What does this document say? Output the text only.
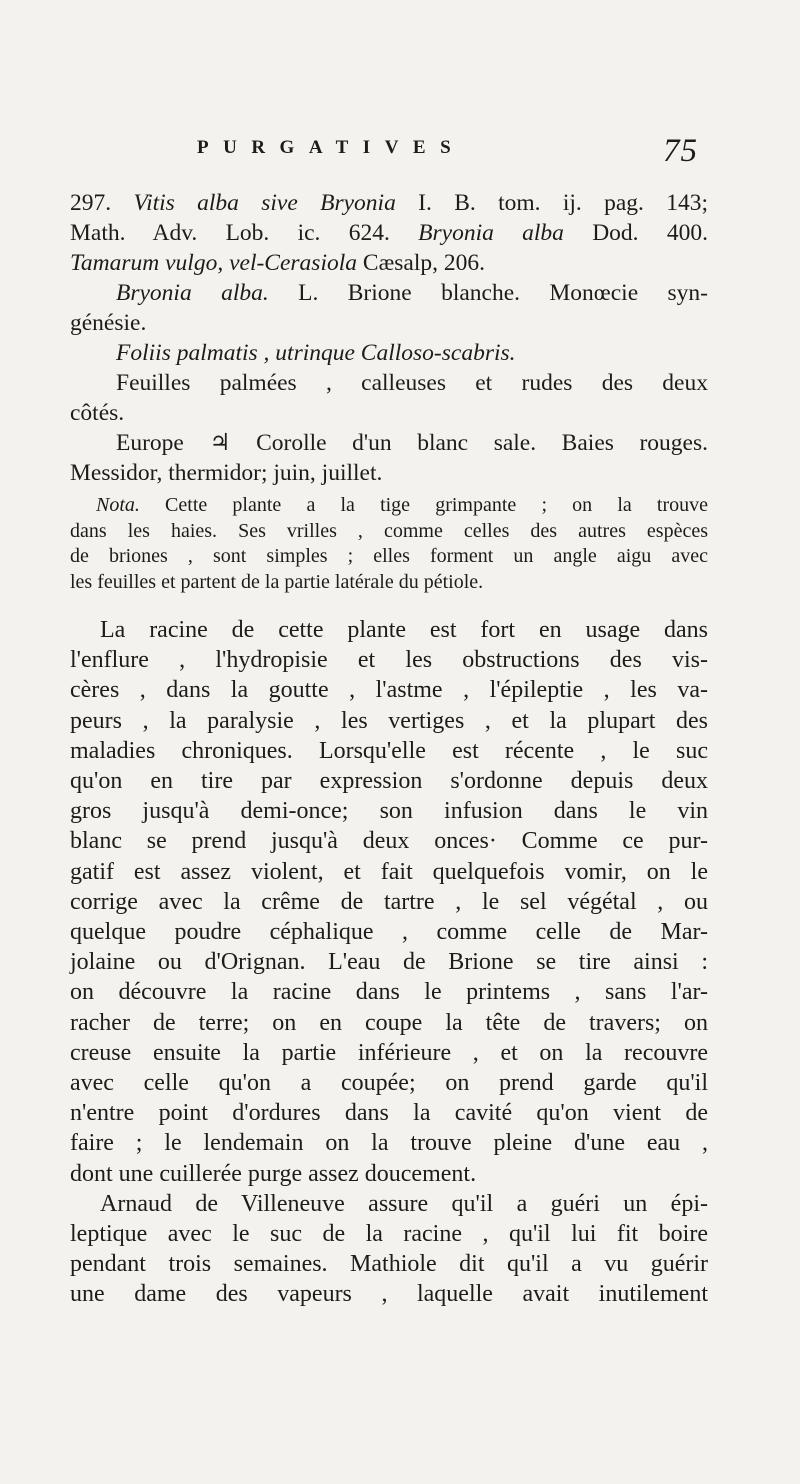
PURGATIVES	75
297. Vitis alba sive Bryonia I. B. tom. ij. pag. 143;
Math. Adv. Lob. ic. 624. Bryonia alba Dod. 400.
Tamarum vulgo, vel-Cerasiola Cæsalp, 206.
Bryonia alba. L. Brione blanche. Monœcie syn-
génésie.
Foliis palmatis , utrinque Calloso-scabris.
Feuilles palmées , calleuses et rudes des deux
côtés.
Europe ♃ Corolle d'un blanc sale. Baies rouges.
Messidor, thermidor; juin, juillet.
Nota. Cette plante a la tige grimpante ; on la trouve
dans les haies. Ses vrilles , comme celles des autres espèces
de briones , sont simples ; elles forment un angle aigu avec
les feuilles et partent de la partie latérale du pétiole.
La racine de cette plante est fort en usage dans
l'enflure , l'hydropisie et les obstructions des vis-
cères , dans la goutte , l'astme , l'épileptie , les va-
peurs , la paralysie , les vertiges , et la plupart des
maladies chroniques. Lorsqu'elle est récente , le suc
qu'on en tire par expression s'ordonne depuis deux
gros jusqu'à demi-once; son infusion dans le vin
blanc se prend jusqu'à deux onces· Comme ce pur-
gatif est assez violent, et fait quelquefois vomir, on le
corrige avec la crême de tartre , le sel végétal , ou
quelque poudre céphalique , comme celle de Mar-
jolaine ou d'Orignan. L'eau de Brione se tire ainsi :
on découvre la racine dans le printems , sans l'ar-
racher de terre; on en coupe la tête de travers; on
creuse ensuite la partie inférieure , et on la recouvre
avec celle qu'on a coupée; on prend garde qu'il
n'entre point d'ordures dans la cavité qu'on vient de
faire ; le lendemain on la trouve pleine d'une eau ,
dont une cuillerée purge assez doucement.
Arnaud de Villeneuve assure qu'il a guéri un épi-
leptique avec le suc de la racine , qu'il lui fit boire
pendant trois semaines. Mathiole dit qu'il a vu guérir
une dame des vapeurs , laquelle avait inutilement
